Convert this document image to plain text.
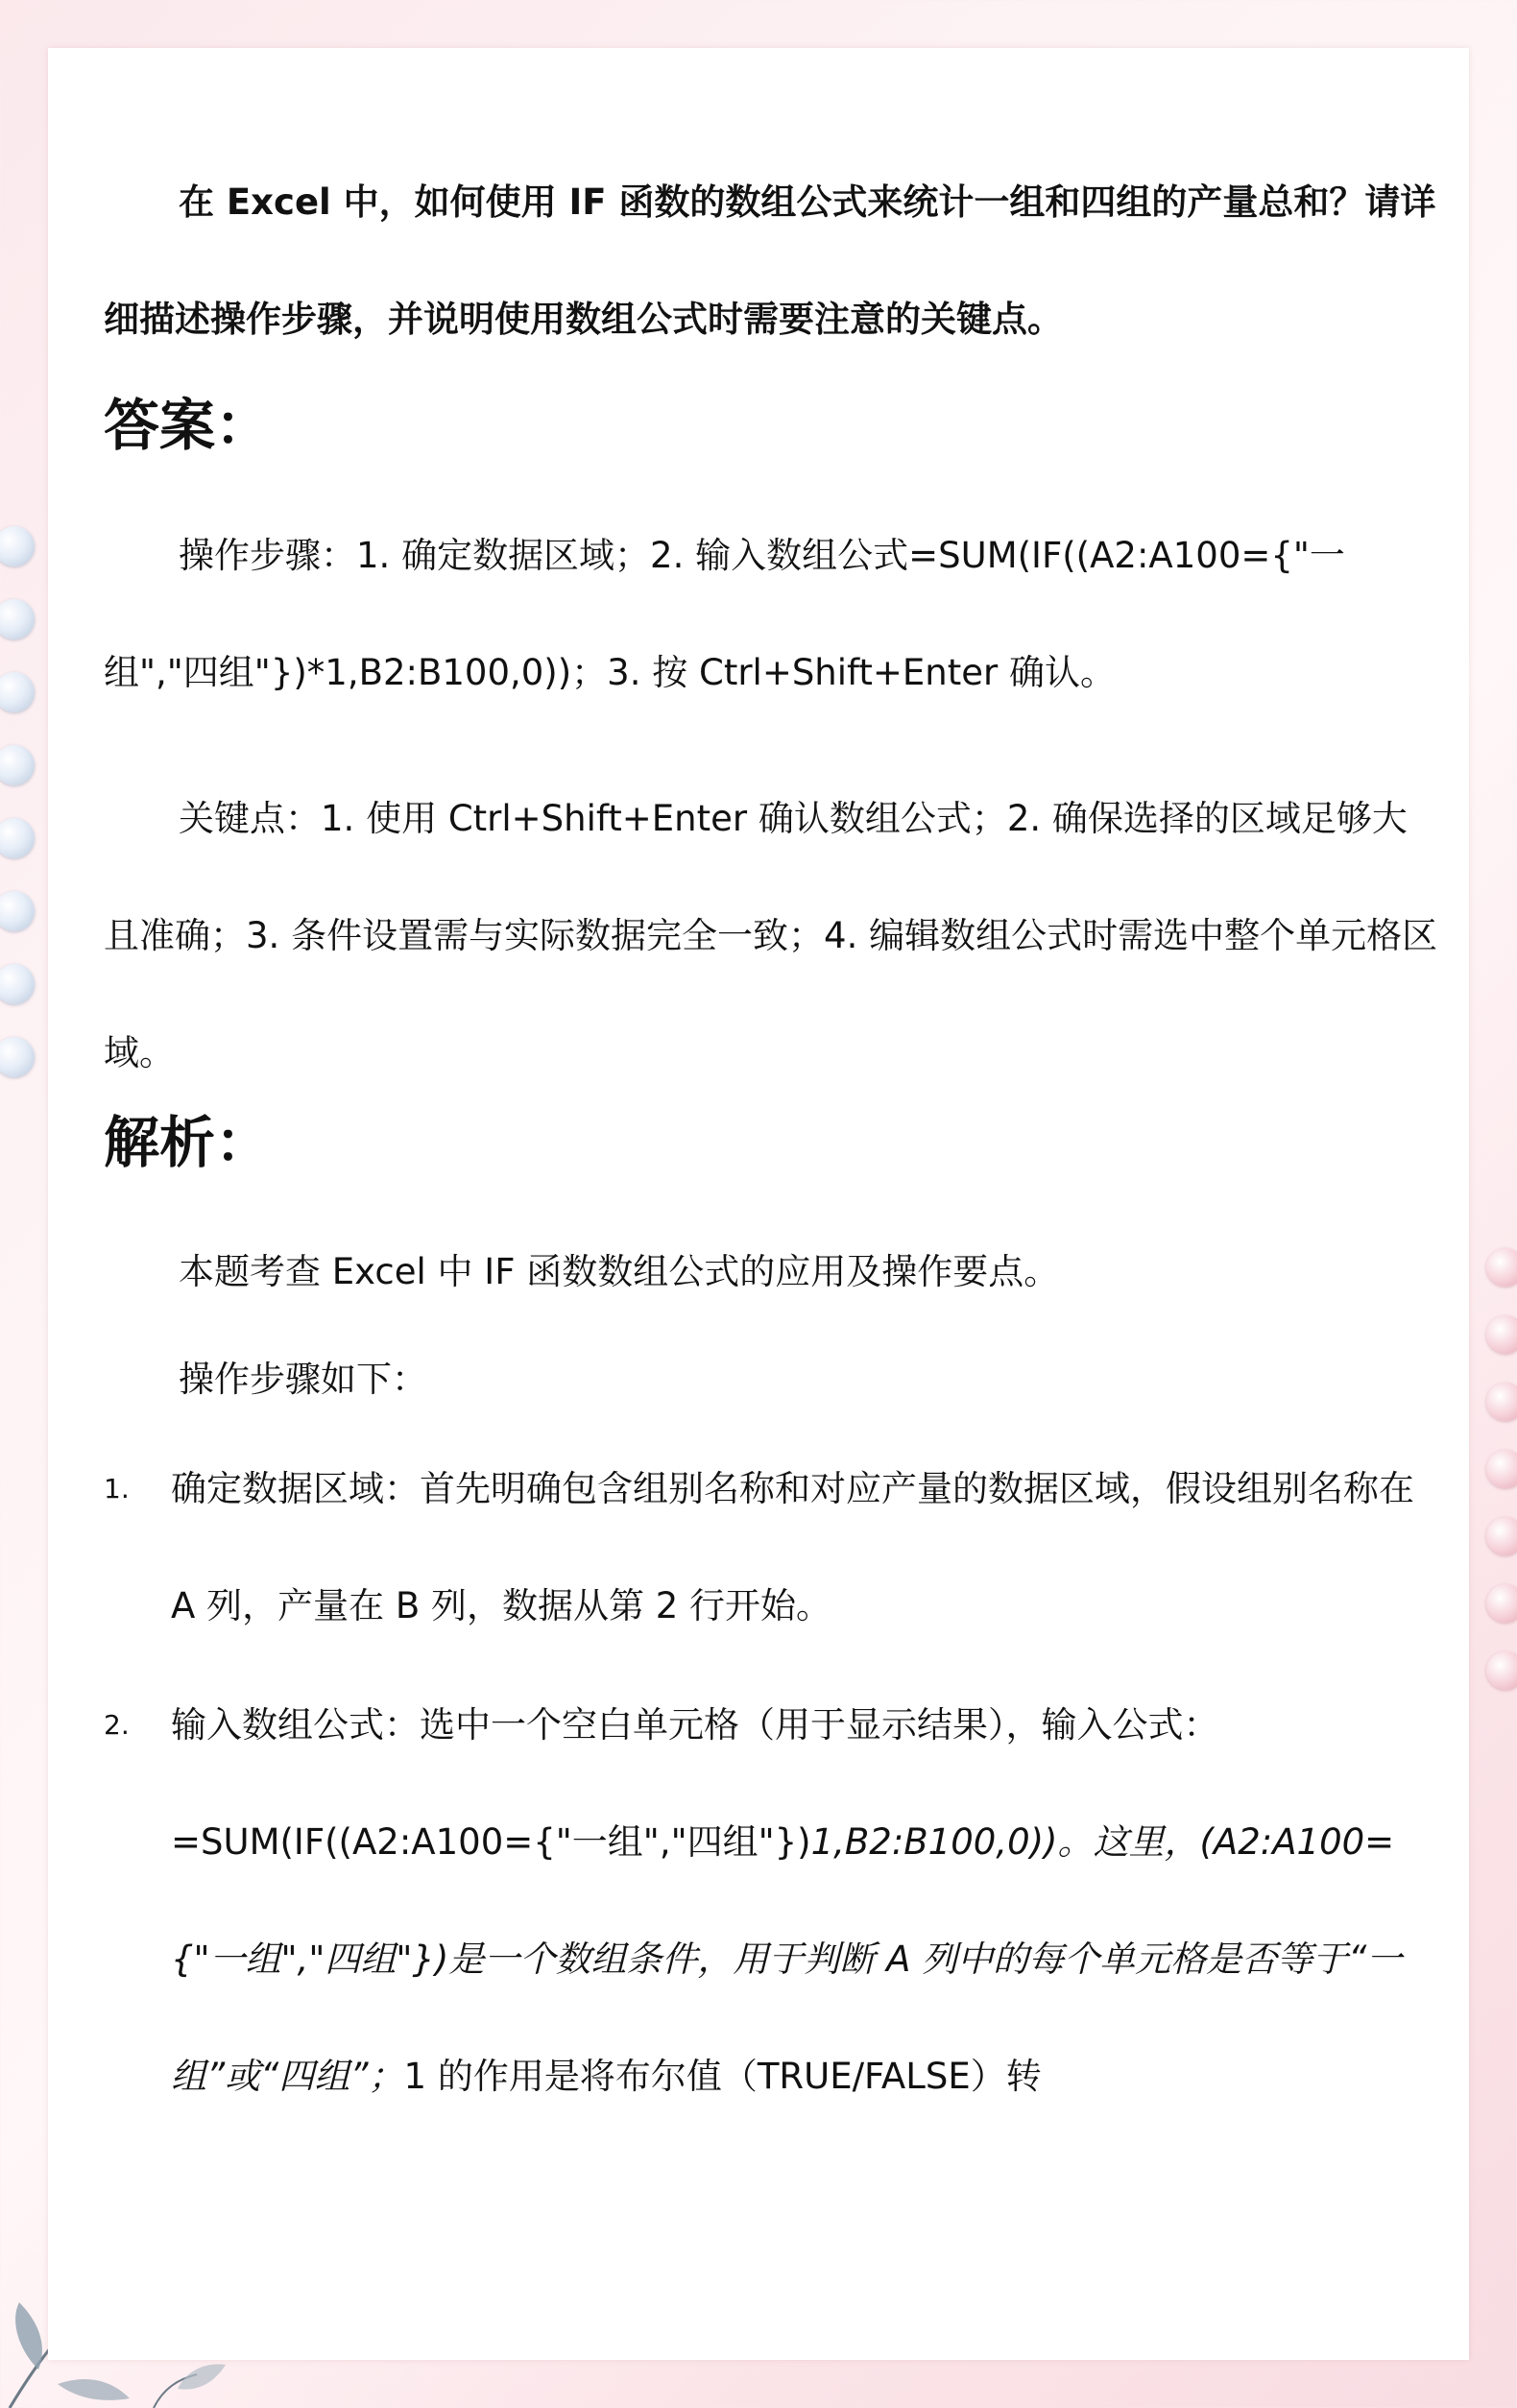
在 Excel 中，如何使用 IF 函数的数组公式来统计一组和四组的产量总和？请详细描述操作步骤，并说明使用数组公式时需要注意的关键点。

答案：

操作步骤：1. 确定数据区域；2. 输入数组公式=SUM(IF((A2:A100={"一组","四组"})*1,B2:B100,0))；3. 按 Ctrl+Shift+Enter 确认。

关键点：1. 使用 Ctrl+Shift+Enter 确认数组公式；2. 确保选择的区域足够大且准确；3. 条件设置需与实际数据完全一致；4. 编辑数组公式时需选中整个单元格区域。

解析：

本题考查 Excel 中 IF 函数数组公式的应用及操作要点。

操作步骤如下：

1. 确定数据区域：首先明确包含组别名称和对应产量的数据区域，假设组别名称在 A 列，产量在 B 列，数据从第 2 行开始。

2. 输入数组公式：选中一个空白单元格（用于显示结果），输入公式：=SUM(IF((A2:A100={"一组","四组"})1,B2:B100,0))。这里，(A2:A100={"一组","四组"})是一个数组条件，用于判断 A 列中的每个单元格是否等于“一组”或“四组”；1 的作用是将布尔值（TRUE/FALSE）转
